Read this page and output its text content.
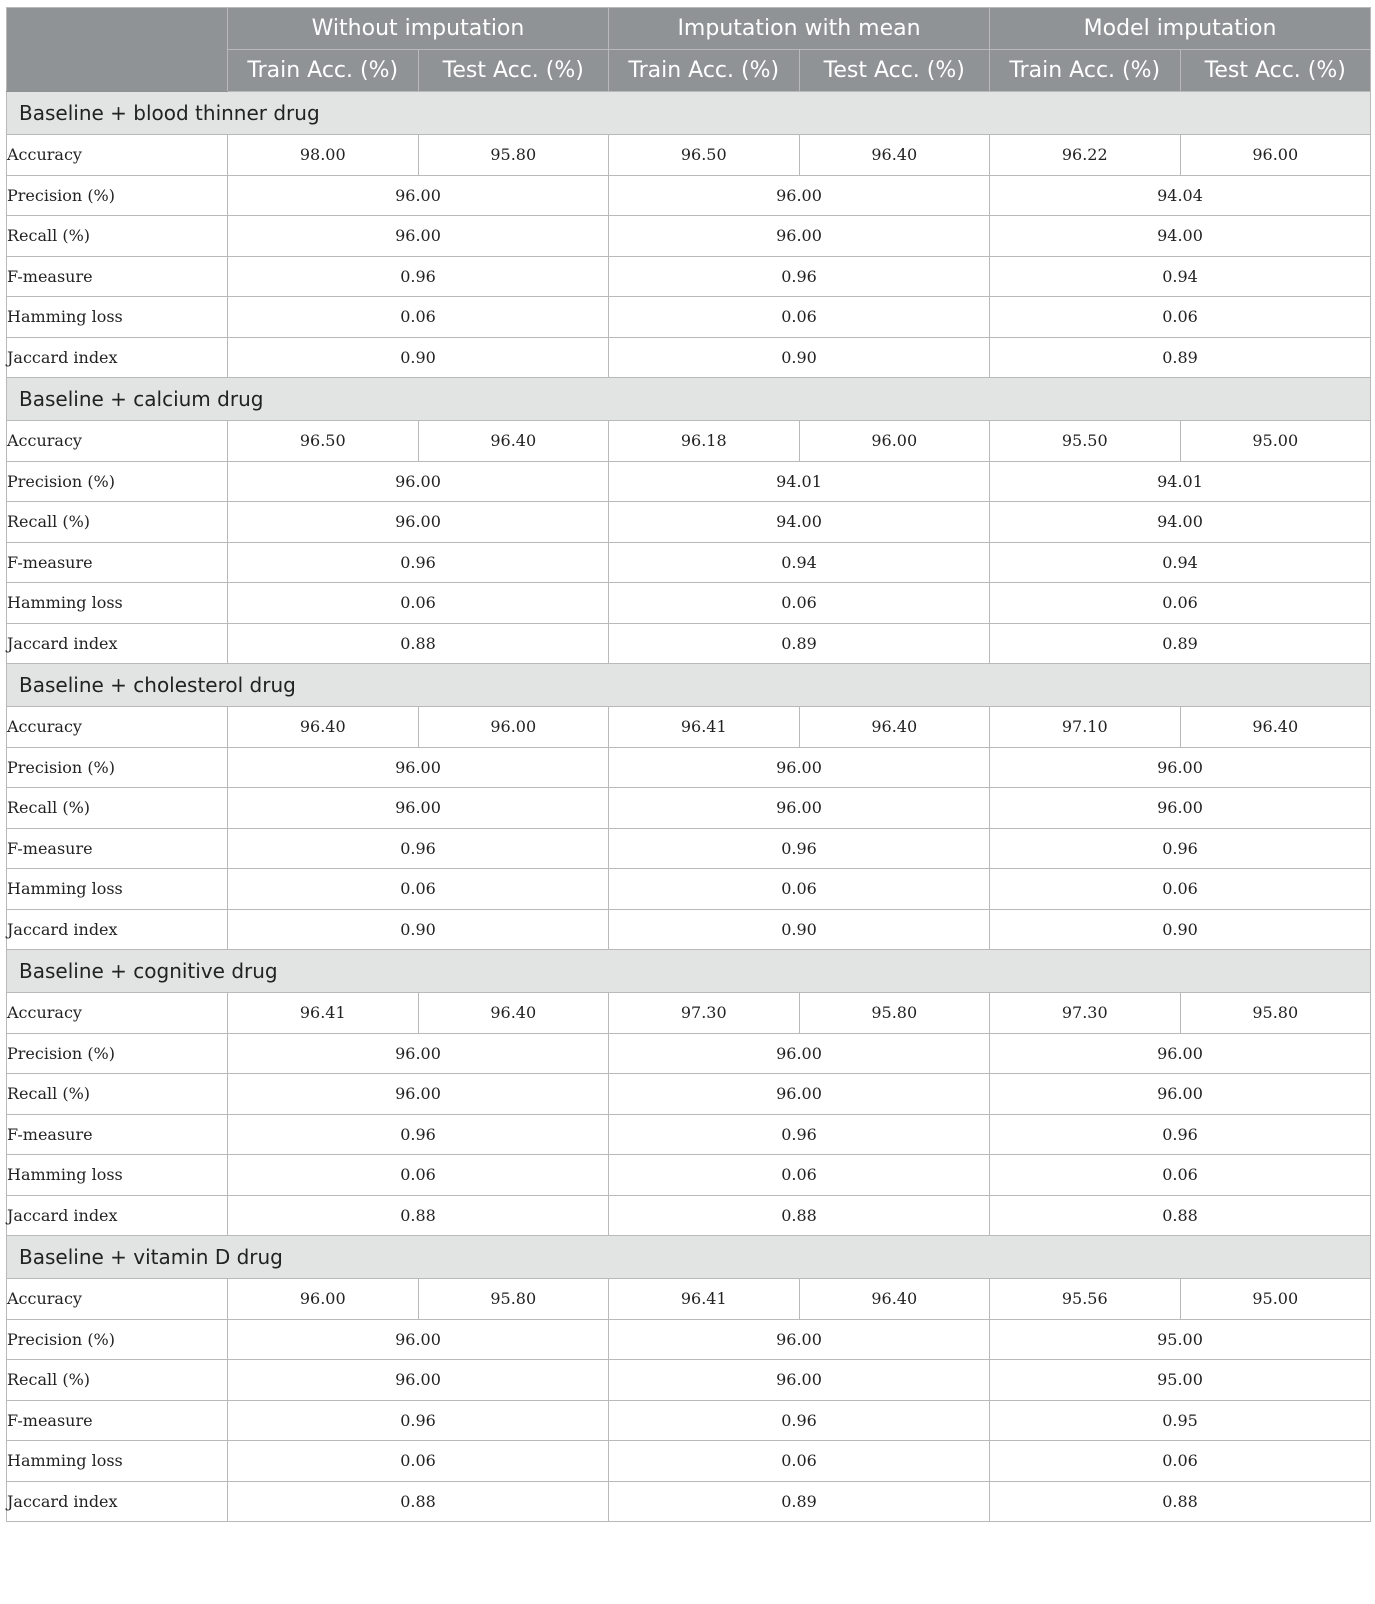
	Without imputation		Imputation with mean		Model imputation	
	Train Acc. (%)	Test Acc. (%)	Train Acc. (%)	Test Acc. (%)	Train Acc. (%)	Test Acc. (%)
Baseline + blood thinner drug						
Accuracy	98.00	95.80	96.50	96.40	96.22	96.00
Precision (%)	96.00		96.00		94.04	
Recall (%)	96.00		96.00		94.00	
F-measure	0.96		0.96		0.94	
Hamming loss	0.06		0.06		0.06	
Jaccard index	0.90		0.90		0.89	
Baseline + calcium drug						
Accuracy	96.50	96.40	96.18	96.00	95.50	95.00
Precision (%)	96.00		94.01		94.01	
Recall (%)	96.00		94.00		94.00	
F-measure	0.96		0.94		0.94	
Hamming loss	0.06		0.06		0.06	
Jaccard index	0.88		0.89		0.89	
Baseline + cholesterol drug						
Accuracy	96.40	96.00	96.41	96.40	97.10	96.40
Precision (%)	96.00		96.00		96.00	
Recall (%)	96.00		96.00		96.00	
F-measure	0.96		0.96		0.96	
Hamming loss	0.06		0.06		0.06	
Jaccard index	0.90		0.90		0.90	
Baseline + cognitive drug						
Accuracy	96.41	96.40	97.30	95.80	97.30	95.80
Precision (%)	96.00		96.00		96.00	
Recall (%)	96.00		96.00		96.00	
F-measure	0.96		0.96		0.96	
Hamming loss	0.06		0.06		0.06	
Jaccard index	0.88		0.88		0.88	
Baseline + vitamin D drug						
Accuracy	96.00	95.80	96.41	96.40	95.56	95.00
Precision (%)	96.00		96.00		95.00	
Recall (%)	96.00		96.00		95.00	
F-measure	0.96		0.96		0.95	
Hamming loss	0.06		0.06		0.06	
Jaccard index	0.88		0.89		0.88	
